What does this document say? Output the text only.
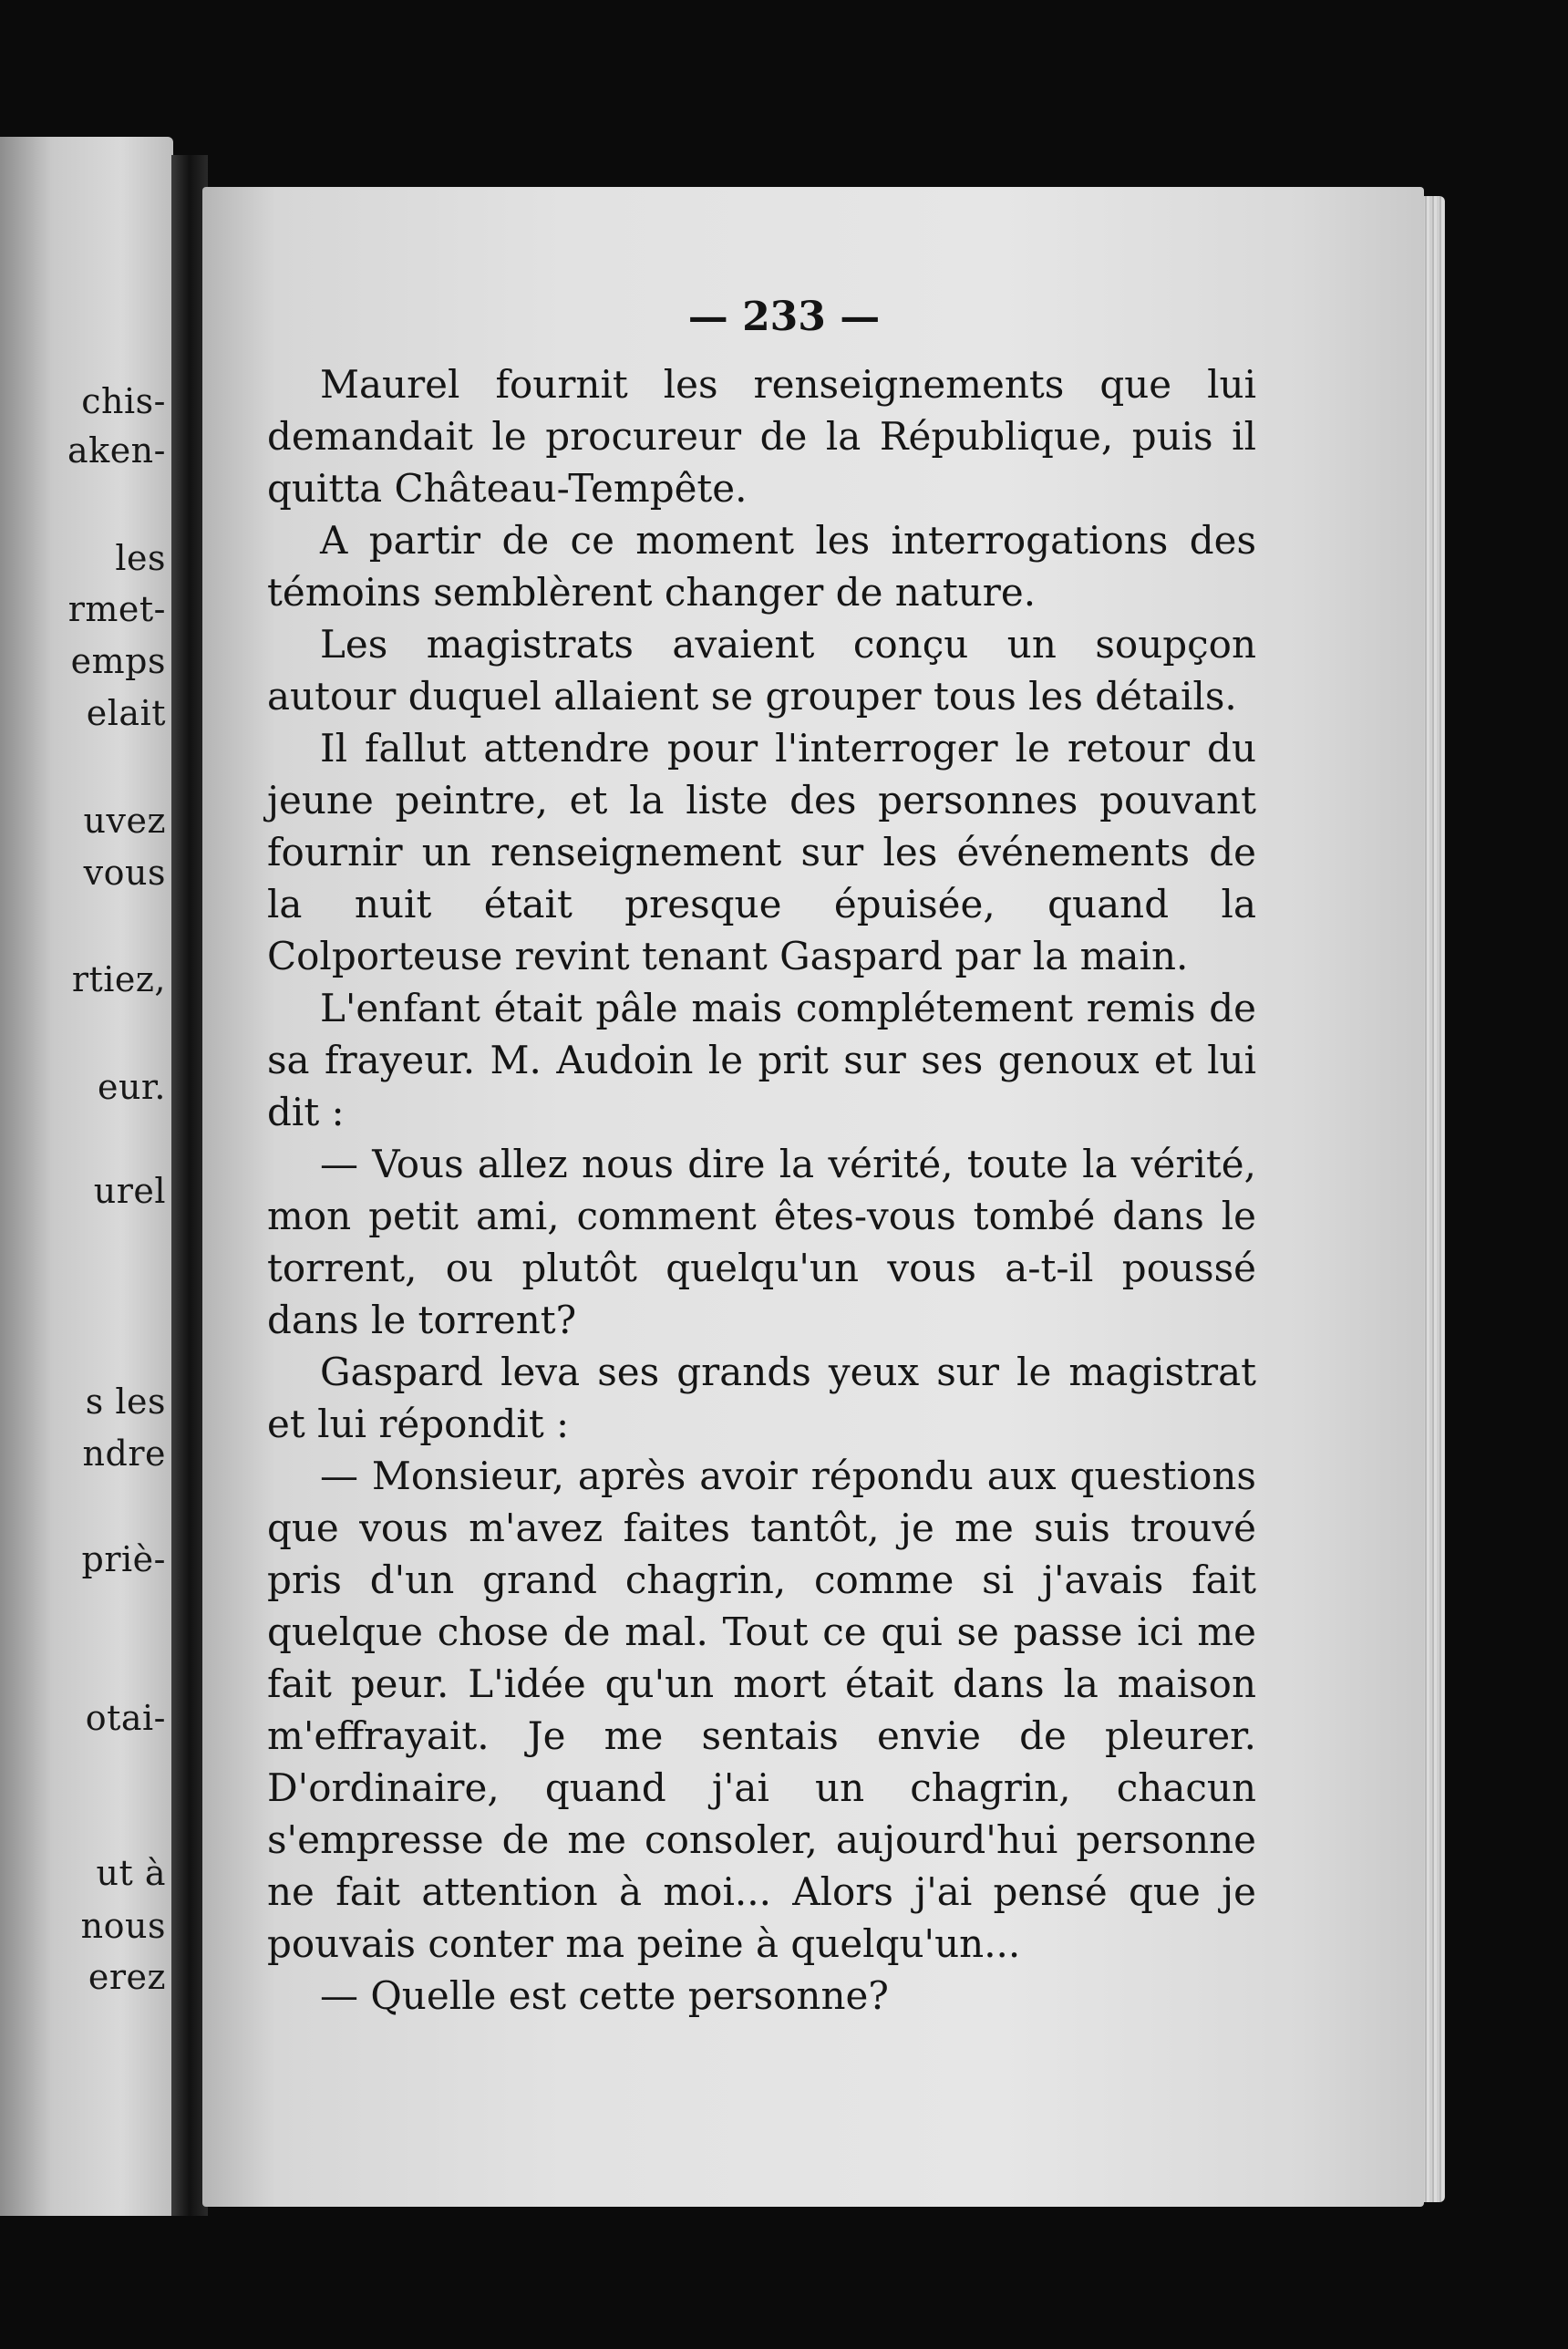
chis-
aken-
les
rmet-
emps
elait
uvez
vous
rtiez,
eur.
urel
s les
ndre
priè-
otai-
ut à
nous
erez
— 233 —

Maurel fournit les renseignements que lui demandait le procureur de la République, puis il quitta Château-Tempête.

A partir de ce moment les interrogations des témoins semblèrent changer de nature.

Les magistrats avaient conçu un soupçon autour duquel allaient se grouper tous les détails.

Il fallut attendre pour l'interroger le retour du jeune peintre, et la liste des personnes pouvant fournir un renseignement sur les événements de la nuit était presque épuisée, quand la Colporteuse revint tenant Gaspard par la main.

L'enfant était pâle mais complétement remis de sa frayeur. M. Audoin le prit sur ses genoux et lui dit :

— Vous allez nous dire la vérité, toute la vérité, mon petit ami, comment êtes-vous tombé dans le torrent, ou plutôt quelqu'un vous a-t-il poussé dans le torrent?

Gaspard leva ses grands yeux sur le magistrat et lui répondit :

— Monsieur, après avoir répondu aux questions que vous m'avez faites tantôt, je me suis trouvé pris d'un grand chagrin, comme si j'avais fait quelque chose de mal. Tout ce qui se passe ici me fait peur. L'idée qu'un mort était dans la maison m'effrayait. Je me sentais envie de pleurer. D'ordinaire, quand j'ai un chagrin, chacun s'empresse de me consoler, aujourd'hui personne ne fait attention à moi... Alors j'ai pensé que je pouvais conter ma peine à quelqu'un...

— Quelle est cette personne?
